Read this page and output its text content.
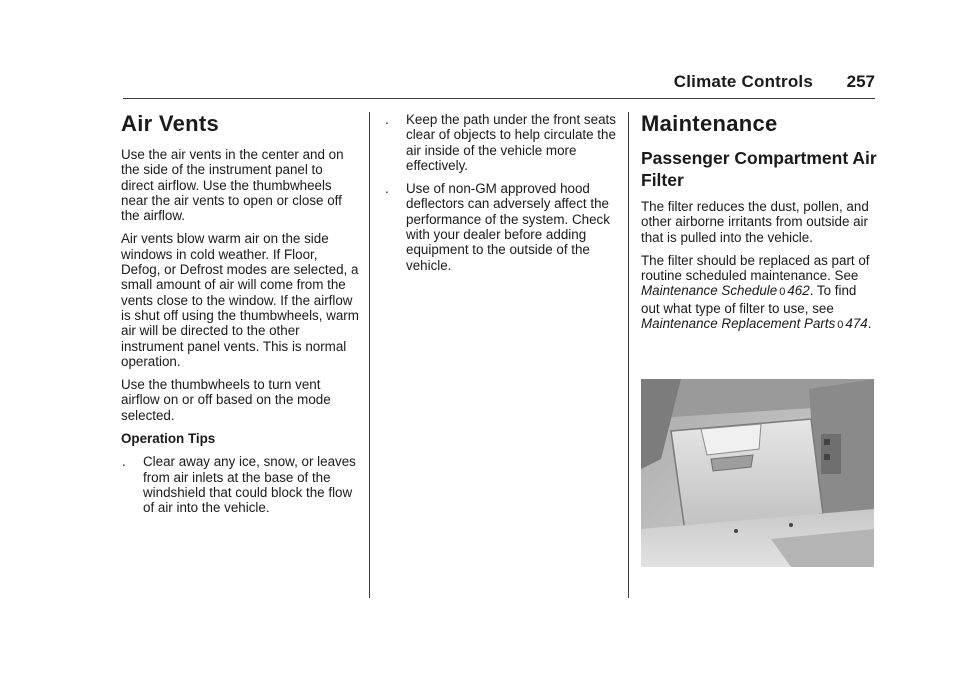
Climate Controls 257
Air Vents

Use the air vents in the center and on the side of the instrument panel to direct airflow. Use the thumbwheels near the air vents to open or close off the airflow.

Air vents blow warm air on the side windows in cold weather. If Floor, Defog, or Defrost modes are selected, a small amount of air will come from the vents close to the window. If the airflow is shut off using the thumbwheels, warm air will be directed to the other instrument panel vents. This is normal operation.

Use the thumbwheels to turn vent airflow on or off based on the mode selected.

Operation Tips
. Clear away any ice, snow, or leaves from air inlets at the base of the windshield that could block the flow of air into the vehicle.
. Keep the path under the front seats clear of objects to help circulate the air inside of the vehicle more effectively.
. Use of non-GM approved hood deflectors can adversely affect the performance of the system. Check with your dealer before adding equipment to the outside of the vehicle.
Maintenance
Passenger Compartment Air Filter

The filter reduces the dust, pollen, and other airborne irritants from outside air that is pulled into the vehicle.

The filter should be replaced as part of routine scheduled maintenance. See Maintenance Schedule 0 462. To find out what type of filter to use, see Maintenance Replacement Parts 0 474.
